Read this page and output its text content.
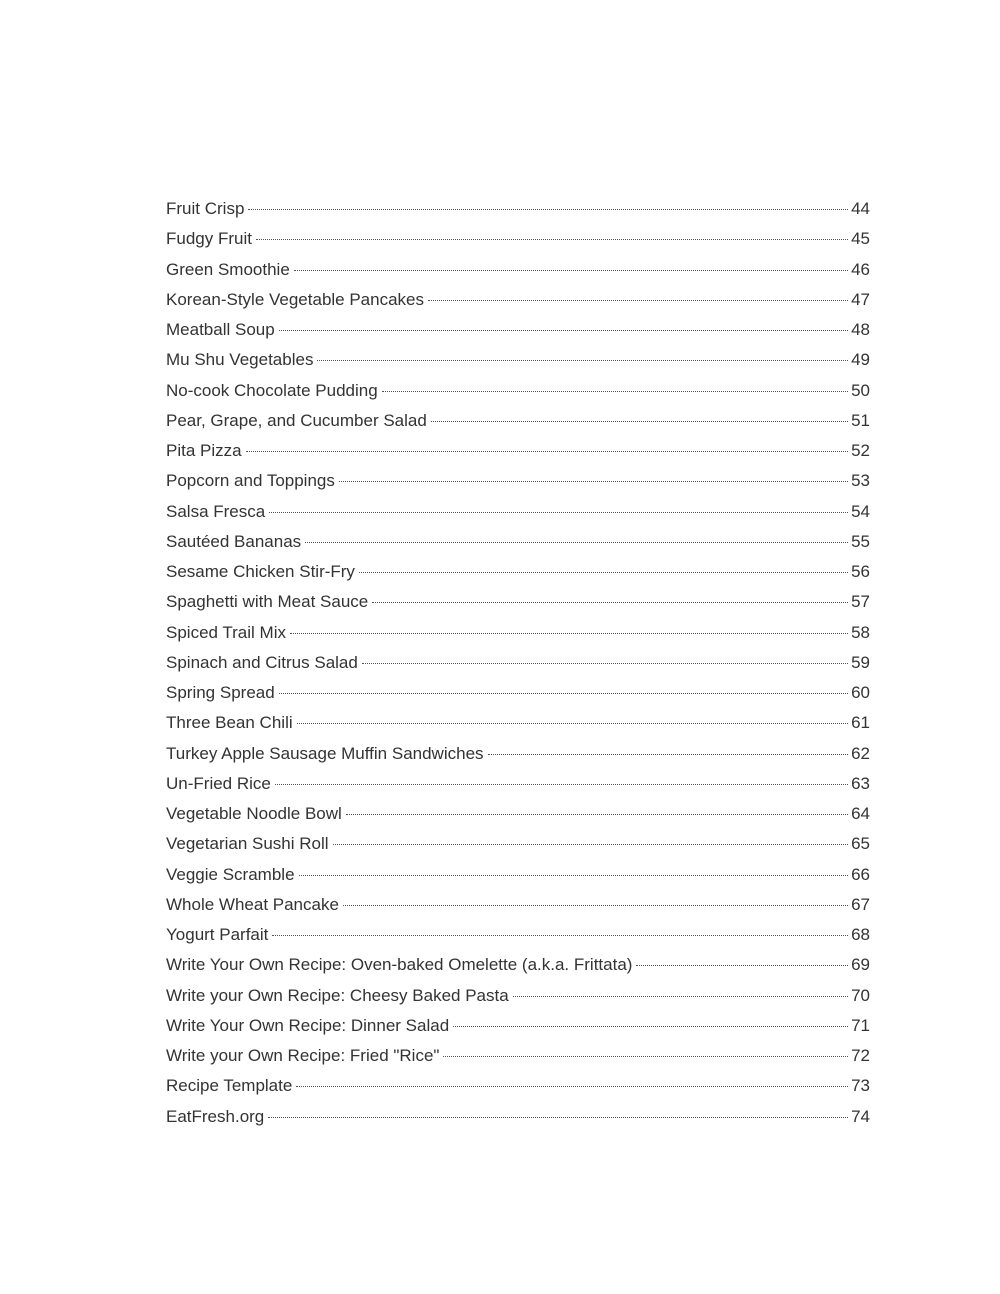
Fruit Crisp	44
Fudgy Fruit	45
Green Smoothie	46
Korean-Style Vegetable Pancakes	47
Meatball Soup	48
Mu Shu Vegetables	49
No-cook Chocolate Pudding	50
Pear, Grape, and Cucumber Salad	51
Pita Pizza	52
Popcorn and Toppings	53
Salsa Fresca	54
Sautéed Bananas	55
Sesame Chicken Stir-Fry	56
Spaghetti with Meat Sauce	57
Spiced Trail Mix	58
Spinach and Citrus Salad	59
Spring Spread	60
Three Bean Chili	61
Turkey Apple Sausage Muffin Sandwiches	62
Un-Fried Rice	63
Vegetable Noodle Bowl	64
Vegetarian Sushi Roll	65
Veggie Scramble	66
Whole Wheat Pancake	67
Yogurt Parfait	68
Write Your Own Recipe: Oven-baked Omelette (a.k.a. Frittata)	69
Write your Own Recipe: Cheesy Baked Pasta	70
Write Your Own Recipe: Dinner Salad	71
Write your Own Recipe: Fried "Rice"	72
Recipe Template	73
EatFresh.org	74
